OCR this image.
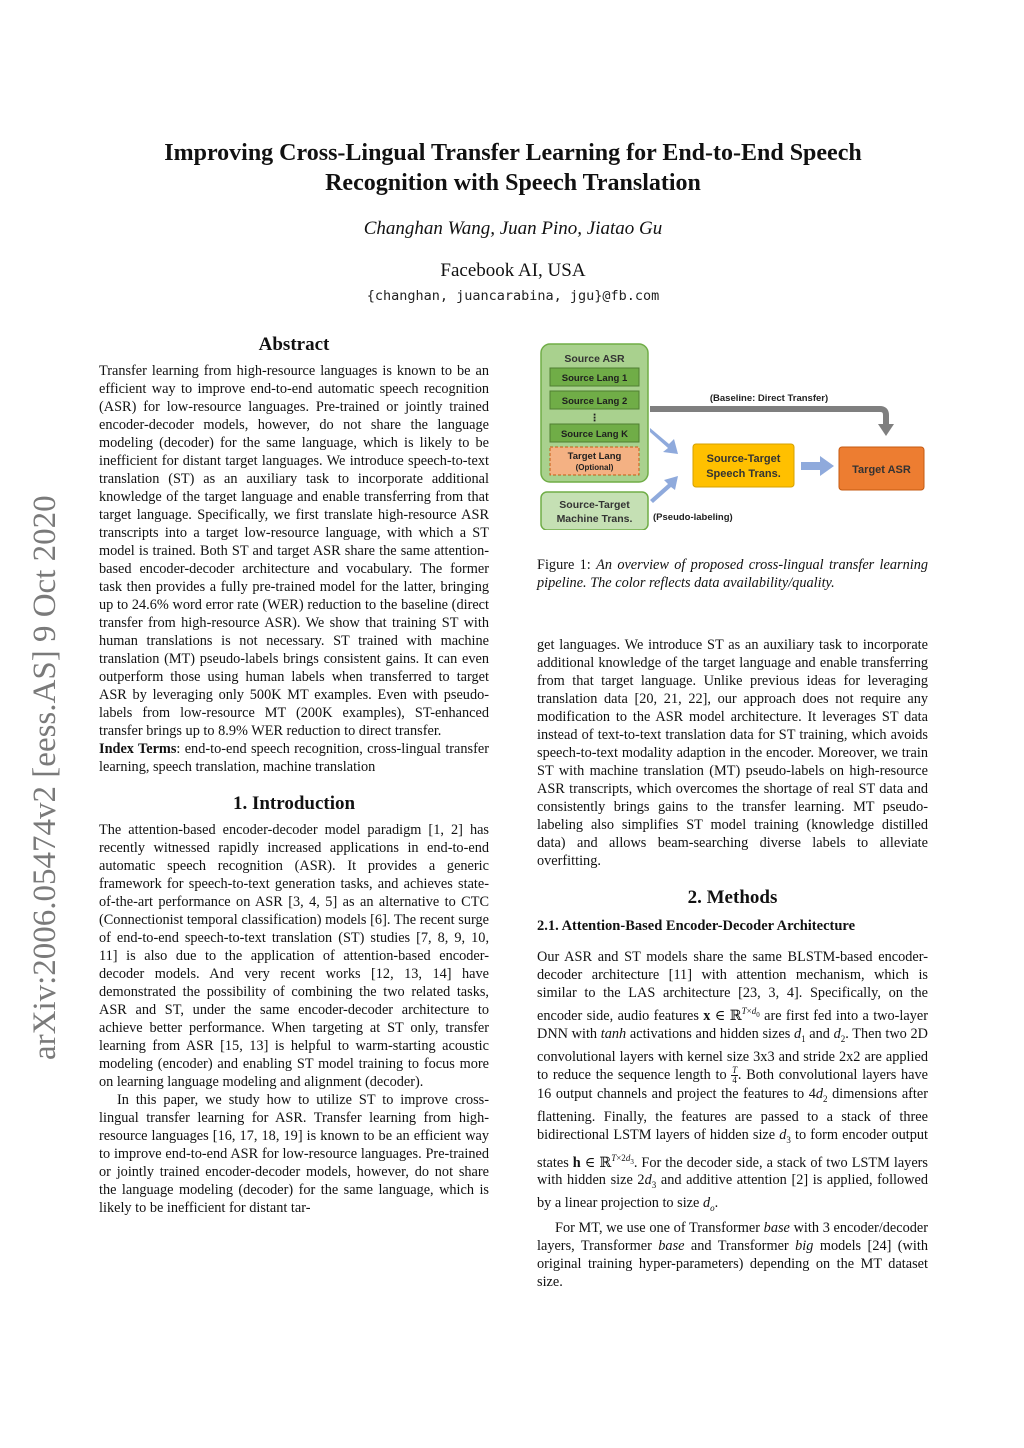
arXiv:2006.05474v2 [eess.AS] 9 Oct 2020
Improving Cross-Lingual Transfer Learning for End-to-End Speech
Recognition with Speech Translation
Changhan Wang, Juan Pino, Jiatao Gu
Facebook AI, USA
{changhan, juancarabina, jgu}@fb.com
Abstract

Transfer learning from high-resource languages is known to be an efficient way to improve end-to-end automatic speech recognition (ASR) for low-resource languages. Pre-trained or jointly trained encoder-decoder models, however, do not share the language modeling (decoder) for the same language, which is likely to be inefficient for distant target languages. We introduce speech-to-text translation (ST) as an auxiliary task to incorporate additional knowledge of the target language and enable transferring from that target language. Specifically, we first translate high-resource ASR transcripts into a target low-resource language, with which a ST model is trained. Both ST and target ASR share the same attention-based encoder-decoder architecture and vocabulary. The former task then provides a fully pre-trained model for the latter, bringing up to 24.6% word error rate (WER) reduction to the baseline (direct transfer from high-resource ASR). We show that training ST with human translations is not necessary. ST trained with machine translation (MT) pseudo-labels brings consistent gains. It can even outperform those using human labels when transferred to target ASR by leveraging only 500K MT examples. Even with pseudo-labels from low-resource MT (200K examples), ST-enhanced transfer brings up to 8.9% WER reduction to direct transfer.

Index Terms: end-to-end speech recognition, cross-lingual transfer learning, speech translation, machine translation

1. Introduction

The attention-based encoder-decoder model paradigm [1, 2] has recently witnessed rapidly increased applications in end-to-end automatic speech recognition (ASR). It provides a generic framework for speech-to-text generation tasks, and achieves state-of-the-art performance on ASR [3, 4, 5] as an alternative to CTC (Connectionist temporal classification) models [6]. The recent surge of end-to-end speech-to-text translation (ST) studies [7, 8, 9, 10, 11] is also due to the application of attention-based encoder-decoder models. And very recent works [12, 13, 14] have demonstrated the possibility of combining the two related tasks, ASR and ST, under the same encoder-decoder architecture to achieve better performance. When targeting at ST only, transfer learning from ASR [15, 13] is helpful to warm-starting acoustic modeling (encoder) and enabling ST model training to focus more on learning language modeling and alignment (decoder).

In this paper, we study how to utilize ST to improve cross-lingual transfer learning for ASR. Transfer learning from high-resource languages [16, 17, 18, 19] is known to be an efficient way to improve end-to-end ASR for low-resource languages. Pre-trained or jointly trained encoder-decoder models, however, do not share the language modeling (decoder) for the same language, which is likely to be inefficient for distant tar-

Source ASR
Source Lang 1
Source Lang 2
⋮
Source Lang K
Target Lang
(Optional)
Source-Target
Machine Trans.
Source-Target
Speech Trans.	Target ASR
(Baseline: Direct Transfer)
(Pseudo-labeling)
Figure 1: An overview of proposed cross-lingual transfer learning pipeline. The color reflects data availability/quality.

get languages. We introduce ST as an auxiliary task to incorporate additional knowledge of the target language and enable transferring from that target language. Unlike previous ideas for leveraging translation data [20, 21, 22], our approach does not require any modification to the ASR model architecture. It leverages ST data instead of text-to-text translation data for ST training, which avoids speech-to-text modality adaption in the encoder. Moreover, we train ST with machine translation (MT) pseudo-labels on high-resource ASR transcripts, which overcomes the shortage of real ST data and consistently brings gains to the transfer learning. MT pseudo-labeling also simplifies ST model training (knowledge distilled data) and allows beam-searching diverse labels to alleviate overfitting.

2. Methods
2.1. Attention-Based Encoder-Decoder Architecture

Our ASR and ST models share the same BLSTM-based encoder-decoder architecture [11] with attention mechanism, which is similar to the LAS architecture [23, 3, 4]. Specifically, on the encoder side, audio features x ∈ ℝ$^{T\times d_0}$ are first fed into a two-layer DNN with tanh activations and hidden sizes $d_1$ and $d_2$. Then two 2D convolutional layers with kernel size 3x3 and stride 2x2 are applied to reduce the sequence length to $\frac{T}{4}$. Both convolutional layers have 16 output channels and project the features to $4d_2$ dimensions after flattening. Finally, the features are passed to a stack of three bidirectional LSTM layers of hidden size $d_3$ to form encoder output states h ∈ ℝ$^{T\times 2d_3}$. For the decoder side, a stack of two LSTM layers with hidden size $2d_3$ and additive attention [2] is applied, followed by a linear projection to size $d_o$.

For MT, we use one of Transformer base with 3 encoder/decoder layers, Transformer base and Transformer big models [24] (with original training hyper-parameters) depending on the MT dataset size.
